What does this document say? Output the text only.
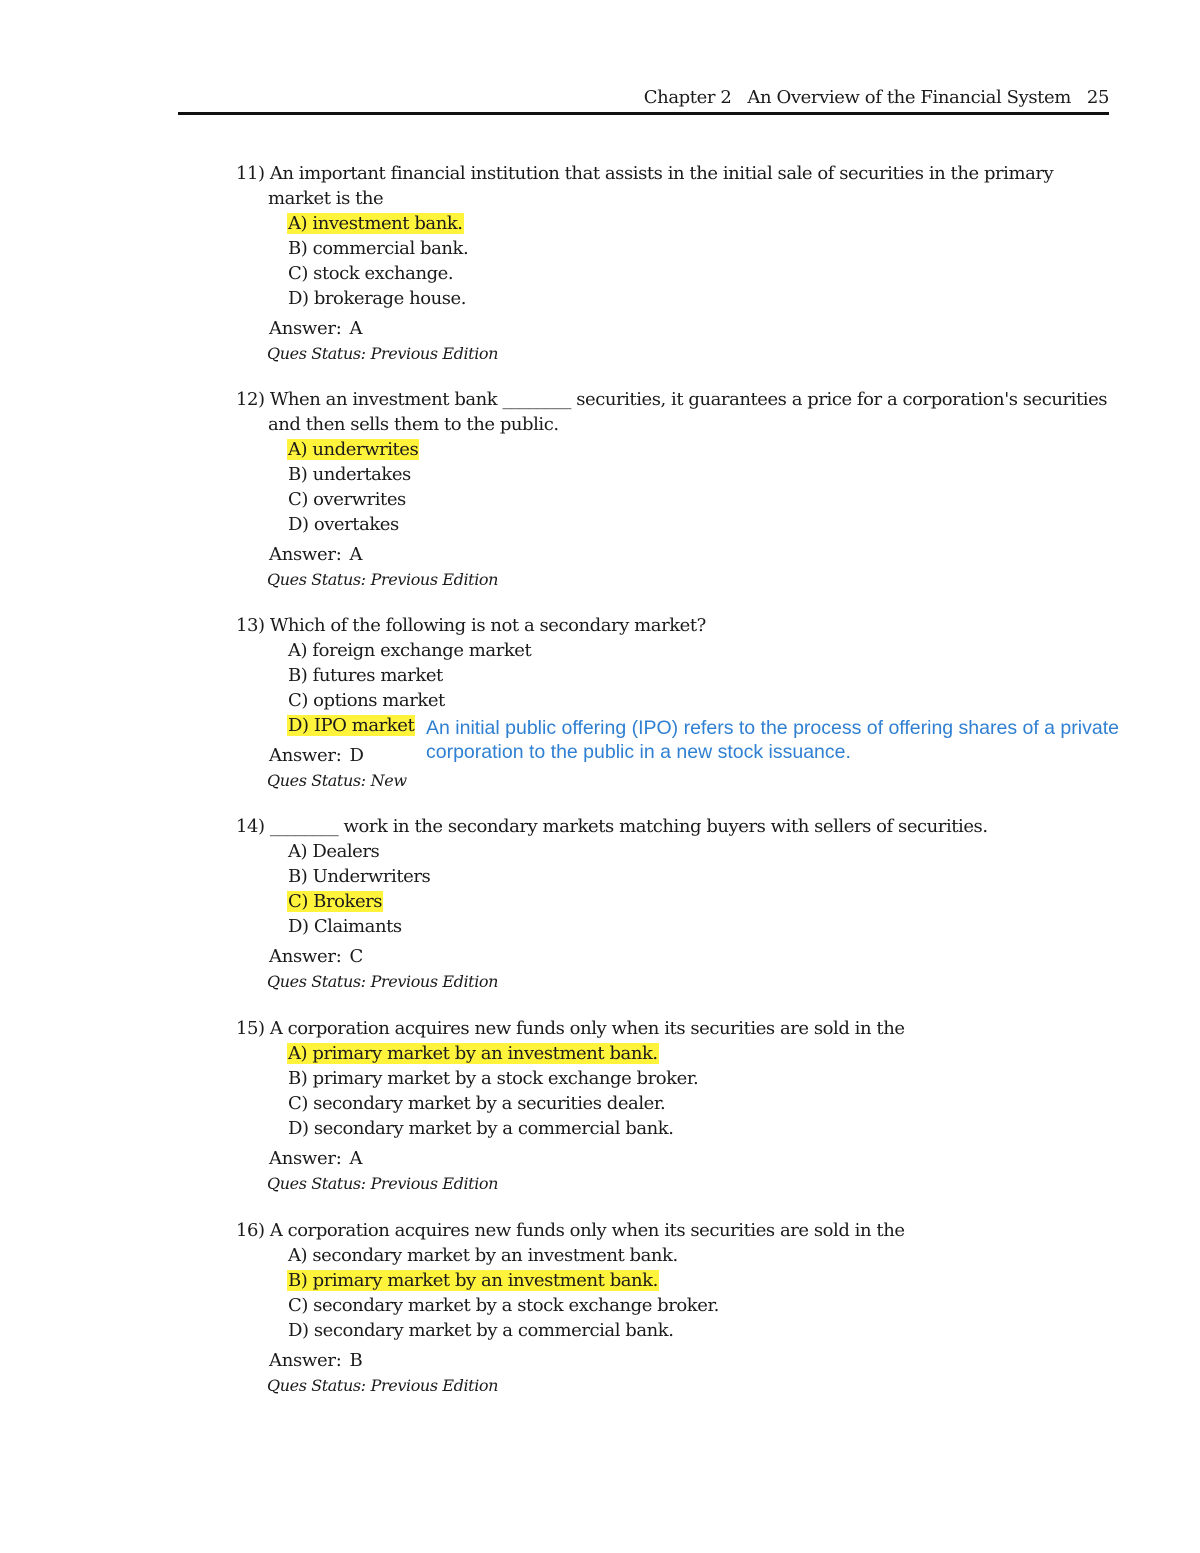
Chapter 2   An Overview of the Financial System   25

11) An important financial institution that assists in the initial sale of securities in the primary market is the

A) investment bank.
B) commercial bank.
C) stock exchange.
D) brokerage house.
Answer: A
Ques Status: Previous Edition

12) When an investment bank ________ securities, it guarantees a price for a corporation's securities and then sells them to the public.

A) underwrites
B) undertakes
C) overwrites
D) overtakes
Answer: A
Ques Status: Previous Edition

13) Which of the following is not a secondary market?

A) foreign exchange market
B) futures market
C) options market
D) IPO market
Answer: D
Ques Status: New
An initial public offering (IPO) refers to the process of offering shares of a private corporation to the public in a new stock issuance.

14) ________ work in the secondary markets matching buyers with sellers of securities.

A) Dealers
B) Underwriters
C) Brokers
D) Claimants
Answer: C
Ques Status: Previous Edition

15) A corporation acquires new funds only when its securities are sold in the

A) primary market by an investment bank.
B) primary market by a stock exchange broker.
C) secondary market by a securities dealer.
D) secondary market by a commercial bank.
Answer: A
Ques Status: Previous Edition

16) A corporation acquires new funds only when its securities are sold in the

A) secondary market by an investment bank.
B) primary market by an investment bank.
C) secondary market by a stock exchange broker.
D) secondary market by a commercial bank.
Answer: B
Ques Status: Previous Edition
